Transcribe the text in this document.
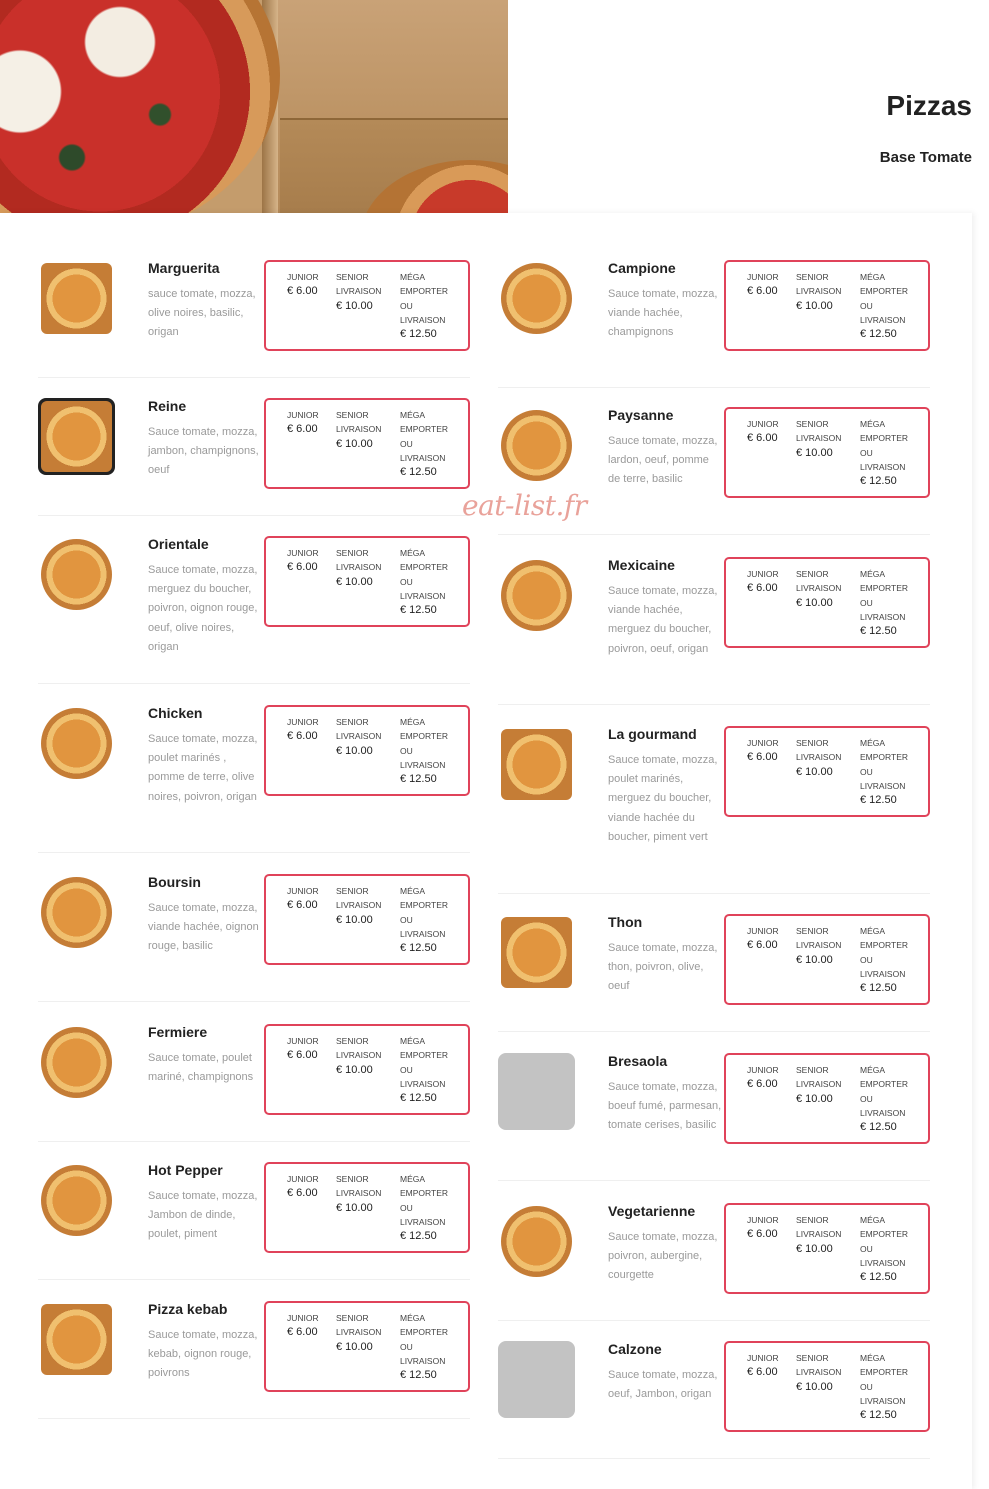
Pizzas
Base Tomate
Marguerita
sauce tomate, mozza, olive noires, basilic, origan
JUNIOR
€ 6.00
SENIOR
LIVRAISON
€ 10.00
MÉGA
EMPORTER
OU
LIVRAISON
€ 12.50
Reine
Sauce tomate, mozza, jambon, champignons, oeuf
JUNIOR
€ 6.00
SENIOR
LIVRAISON
€ 10.00
MÉGA
EMPORTER
OU
LIVRAISON
€ 12.50
Orientale
Sauce tomate, mozza, merguez du boucher, poivron, oignon rouge, oeuf, olive noires, origan
JUNIOR
€ 6.00
SENIOR
LIVRAISON
€ 10.00
MÉGA
EMPORTER
OU
LIVRAISON
€ 12.50
Chicken
Sauce tomate, mozza, poulet marinés , pomme de terre, olive noires, poivron, origan
JUNIOR
€ 6.00
SENIOR
LIVRAISON
€ 10.00
MÉGA
EMPORTER
OU
LIVRAISON
€ 12.50
Boursin
Sauce tomate, mozza, viande hachée, oignon rouge, basilic
JUNIOR
€ 6.00
SENIOR
LIVRAISON
€ 10.00
MÉGA
EMPORTER
OU
LIVRAISON
€ 12.50
Fermiere
Sauce tomate, poulet mariné, champignons
JUNIOR
€ 6.00
SENIOR
LIVRAISON
€ 10.00
MÉGA
EMPORTER
OU
LIVRAISON
€ 12.50
Hot Pepper
Sauce tomate, mozza, Jambon de dinde, poulet, piment
JUNIOR
€ 6.00
SENIOR
LIVRAISON
€ 10.00
MÉGA
EMPORTER
OU
LIVRAISON
€ 12.50
Pizza kebab
Sauce tomate, mozza, kebab, oignon rouge, poivrons
JUNIOR
€ 6.00
SENIOR
LIVRAISON
€ 10.00
MÉGA
EMPORTER
OU
LIVRAISON
€ 12.50
Campione
Sauce tomate, mozza, viande hachée, champignons
JUNIOR
€ 6.00
SENIOR
LIVRAISON
€ 10.00
MÉGA
EMPORTER
OU
LIVRAISON
€ 12.50
Paysanne
Sauce tomate, mozza, lardon, oeuf, pomme de terre, basilic
JUNIOR
€ 6.00
SENIOR
LIVRAISON
€ 10.00
MÉGA
EMPORTER
OU
LIVRAISON
€ 12.50
Mexicaine
Sauce tomate, mozza, viande hachée, merguez du boucher, poivron, oeuf, origan
JUNIOR
€ 6.00
SENIOR
LIVRAISON
€ 10.00
MÉGA
EMPORTER
OU
LIVRAISON
€ 12.50
La gourmand
Sauce tomate, mozza, poulet marinés, merguez du boucher, viande hachée du boucher, piment vert
JUNIOR
€ 6.00
SENIOR
LIVRAISON
€ 10.00
MÉGA
EMPORTER
OU
LIVRAISON
€ 12.50
Thon
Sauce tomate, mozza, thon, poivron, olive, oeuf
JUNIOR
€ 6.00
SENIOR
LIVRAISON
€ 10.00
MÉGA
EMPORTER
OU
LIVRAISON
€ 12.50
Bresaola
Sauce tomate, mozza, boeuf fumé, parmesan, tomate cerises, basilic
JUNIOR
€ 6.00
SENIOR
LIVRAISON
€ 10.00
MÉGA
EMPORTER
OU
LIVRAISON
€ 12.50
Vegetarienne
Sauce tomate, mozza, poivron, aubergine, courgette
JUNIOR
€ 6.00
SENIOR
LIVRAISON
€ 10.00
MÉGA
EMPORTER
OU
LIVRAISON
€ 12.50
Calzone
Sauce tomate, mozza, oeuf, Jambon, origan
JUNIOR
€ 6.00
SENIOR
LIVRAISON
€ 10.00
MÉGA
EMPORTER
OU
LIVRAISON
€ 12.50
eat-list.fr
